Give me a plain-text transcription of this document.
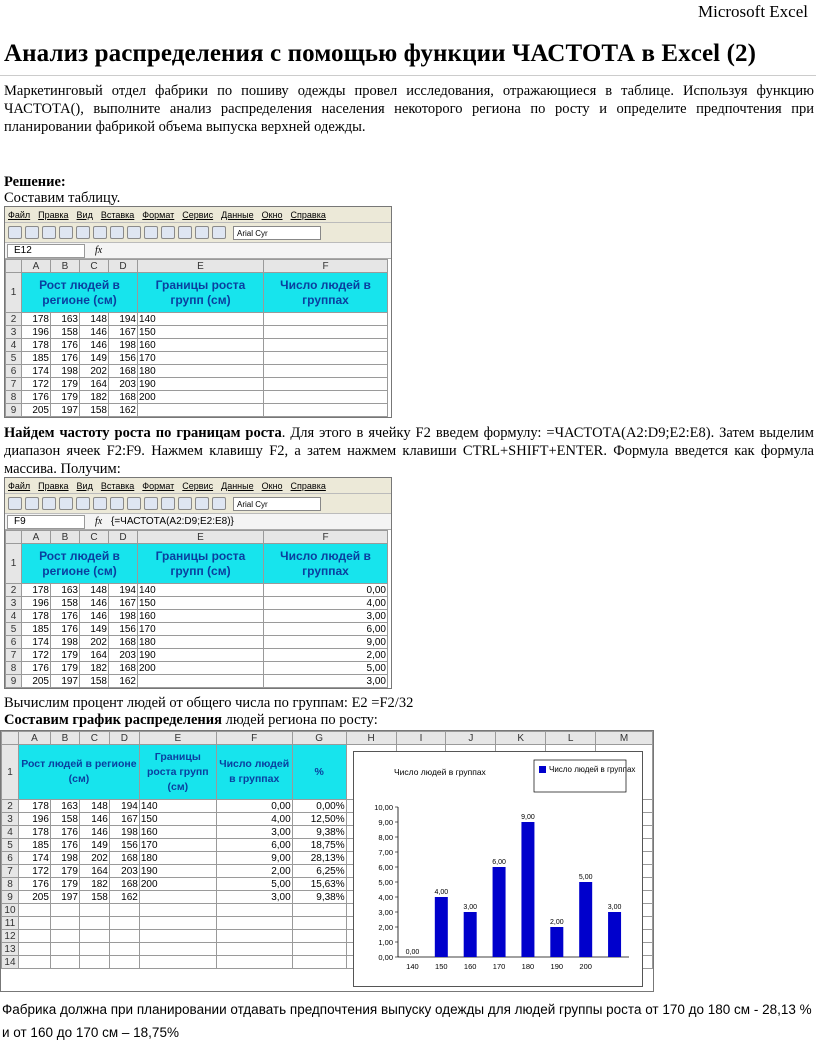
Microsoft Excel
Анализ распределения с помощью функции ЧАСТОТА в Excel (2)
Маркетинговый отдел фабрики по пошиву одежды провел исследования, отражающиеся в таблице. Используя функцию ЧАСТОТА(), выполните анализ распределения населения некоторого региона по росту и определите предпочтения при планировании фабрикой объема выпуска верхней одежды.
Решение:
Составим таблицу.
Файл Правка Вид Вставка Формат Сервис Данные Окно Справка
Arial Cyr
E12	fx
	A	B	C	D	E	F
1	Рост людей в регионе (см)				Границы роста групп (см)	Число людей в группах
2	178	163	148	194	140	
3	196	158	146	167	150	
4	178	176	146	198	160	
5	185	176	149	156	170	
6	174	198	202	168	180	
7	172	179	164	203	190	
8	176	179	182	168	200	
9	205	197	158	162		
Найдем частоту роста по границам роста. Для этого в ячейку F2 введем формулу: =ЧАСТОТА(A2:D9;E2:E8). Затем выделим диапазон ячеек F2:F9. Нажмем клавишу F2, а затем нажмем клавиши CTRL+SHIFT+ENTER. Формула введется как формула массива. Получим:
Файл Правка Вид Вставка Формат Сервис Данные Окно Справка
Arial Cyr
F9	fx {=ЧАСТОТА(A2:D9;E2:E8)}
	A	B	C	D	E	F
1	Рост людей в регионе (см)				Границы роста групп (см)	Число людей в группах
2	178	163	148	194	140	0,00
3	196	158	146	167	150	4,00
4	178	176	146	198	160	3,00
5	185	176	149	156	170	6,00
6	174	198	202	168	180	9,00
7	172	179	164	203	190	2,00
8	176	179	182	168	200	5,00
9	205	197	158	162		3,00
Вычислим процент людей от общего числа по группам: E2 =F2/32
Составим график распределения людей региона по росту:
	A	B	C	D	E	F	G	H	I	J	K	L	M
1	Рост людей в регионе (см)				Границы роста групп (см)	Число людей в группах	%						
2	178	163	148	194	140	0,00	0,00%						
3	196	158	146	167	150	4,00	12,50%						
4	178	176	146	198	160	3,00	9,38%						
5	185	176	149	156	170	6,00	18,75%						
6	174	198	202	168	180	9,00	28,13%						
7	172	179	164	203	190	2,00	6,25%						
8	176	179	182	168	200	5,00	15,63%						
9	205	197	158	162		3,00	9,38%						
10													
11													
12													
13													
14													
Число людей в группах	Число людей в группах
0,00
1,00
2,00
3,00
4,00
5,00
6,00
7,00
8,00
9,00
10,00
0,00
140
4,00
150
3,00
160
6,00
170
9,00
180
2,00
190
5,00
200
3,00
Фабрика должна при планировании отдавать предпочтения выпуску одежды для людей группы роста от 170 до 180 см - 28,13 % и от 160 до 170 см – 18,75%
